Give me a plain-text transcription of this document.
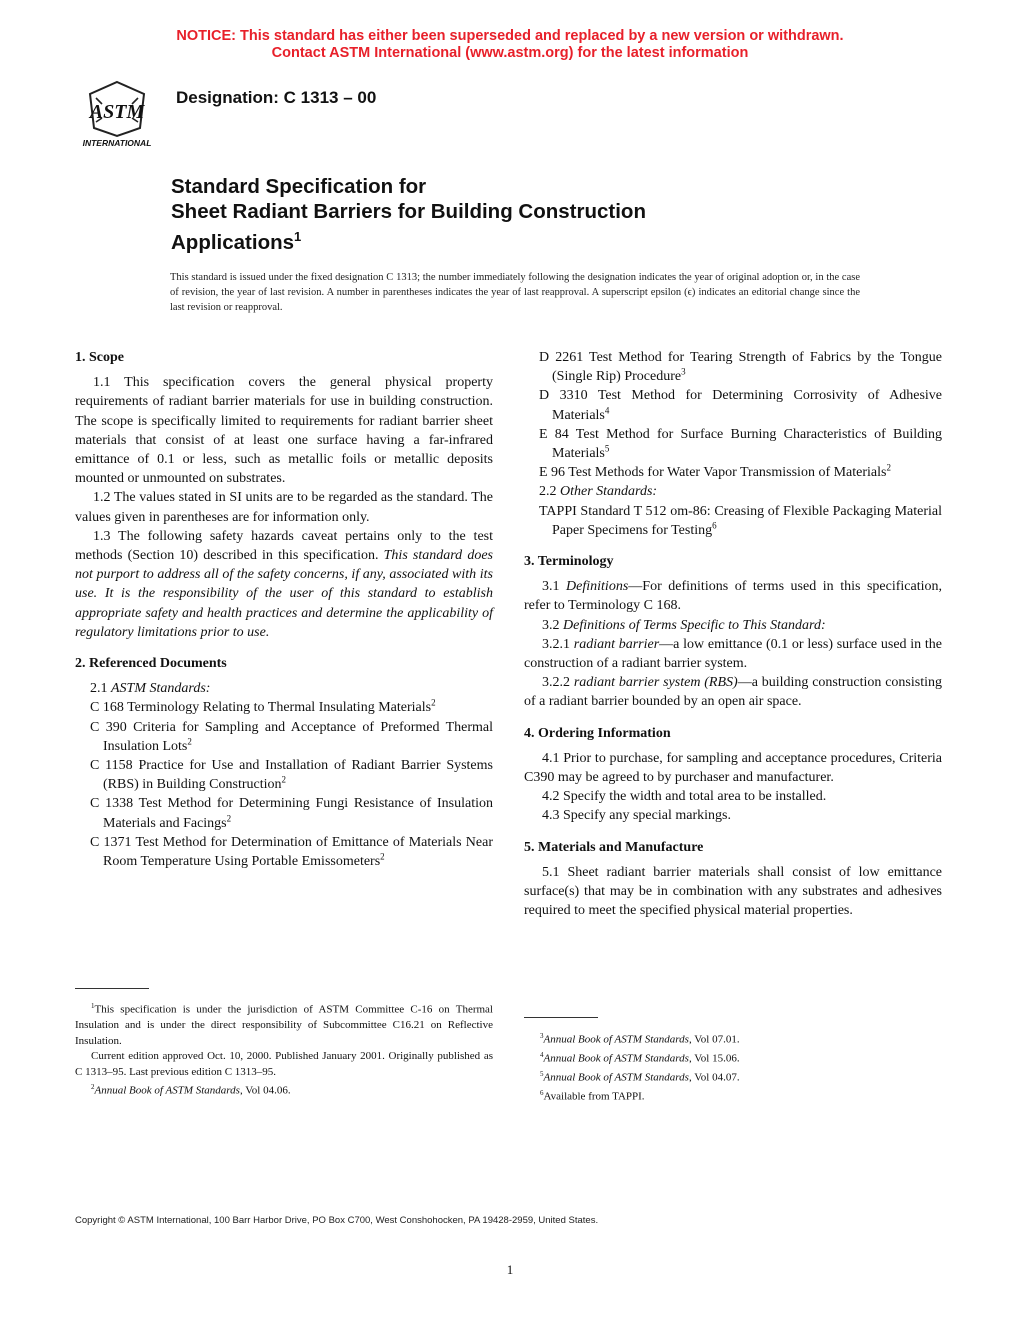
NOTICE: This standard has either been superseded and replaced by a new version or withdrawn.
Contact ASTM International (www.astm.org) for the latest information
ASTM
INTERNATIONAL
Designation: C 1313 – 00
Standard Specification for
Sheet Radiant Barriers for Building Construction
Applications$^1$
This standard is issued under the fixed designation C 1313; the number immediately following the designation indicates the year of original adoption or, in the case of revision, the year of last revision. A number in parentheses indicates the year of last reapproval. A superscript epsilon (ϵ) indicates an editorial change since the last revision or reapproval.

1. Scope

1.1 This specification covers the general physical property requirements of radiant barrier materials for use in building construction. The scope is specifically limited to requirements for radiant barrier sheet materials that consist of at least one surface having a far-infrared emittance of 0.1 or less, such as metallic foils or metallic deposits mounted or unmounted on substrates.

1.2 The values stated in SI units are to be regarded as the standard. The values given in parentheses are for information only.

1.3 The following safety hazards caveat pertains only to the test methods (Section 10) described in this specification. This standard does not purport to address all of the safety concerns, if any, associated with its use. It is the responsibility of the user of this standard to establish appropriate safety and health practices and determine the applicability of regulatory limitations prior to use.

2. Referenced Documents

2.1 ASTM Standards:

C 168 Terminology Relating to Thermal Insulating Materials$^2$

C 390 Criteria for Sampling and Acceptance of Preformed Thermal Insulation Lots$^2$

C 1158 Practice for Use and Installation of Radiant Barrier Systems (RBS) in Building Construction$^2$

C 1338 Test Method for Determining Fungi Resistance of Insulation Materials and Facings$^2$

C 1371 Test Method for Determination of Emittance of Materials Near Room Temperature Using Portable Emissometers$^2$

$^1$This specification is under the jurisdiction of ASTM Committee C-16 on Thermal Insulation and is under the direct responsibility of Subcommittee C16.21 on Reflective Insulation.

Current edition approved Oct. 10, 2000. Published January 2001. Originally published as C 1313–95. Last previous edition C 1313–95.

$^2$Annual Book of ASTM Standards, Vol 04.06.

D 2261 Test Method for Tearing Strength of Fabrics by the Tongue (Single Rip) Procedure$^3$

D 3310 Test Method for Determining Corrosivity of Adhesive Materials$^4$

E 84 Test Method for Surface Burning Characteristics of Building Materials$^5$

E 96 Test Methods for Water Vapor Transmission of Materials$^2$

2.2 Other Standards:

TAPPI Standard T 512 om-86: Creasing of Flexible Packaging Material Paper Specimens for Testing$^6$

3. Terminology

3.1 Definitions—For definitions of terms used in this specification, refer to Terminology C 168.

3.2 Definitions of Terms Specific to This Standard:

3.2.1 radiant barrier—a low emittance (0.1 or less) surface used in the construction of a radiant barrier system.

3.2.2 radiant barrier system (RBS)—a building construction consisting of a radiant barrier bounded by an open air space.

4. Ordering Information

4.1 Prior to purchase, for sampling and acceptance procedures, Criteria C390 may be agreed to by purchaser and manufacturer.

4.2 Specify the width and total area to be installed.

4.3 Specify any special markings.

5. Materials and Manufacture

5.1 Sheet radiant barrier materials shall consist of low emittance surface(s) that may be in combination with any substrates and adhesives required to meet the specified physical material properties.

$^3$Annual Book of ASTM Standards, Vol 07.01.

$^4$Annual Book of ASTM Standards, Vol 15.06.

$^5$Annual Book of ASTM Standards, Vol 04.07.

$^6$Available from TAPPI.

Copyright © ASTM International, 100 Barr Harbor Drive, PO Box C700, West Conshohocken, PA 19428-2959, United States.
1
